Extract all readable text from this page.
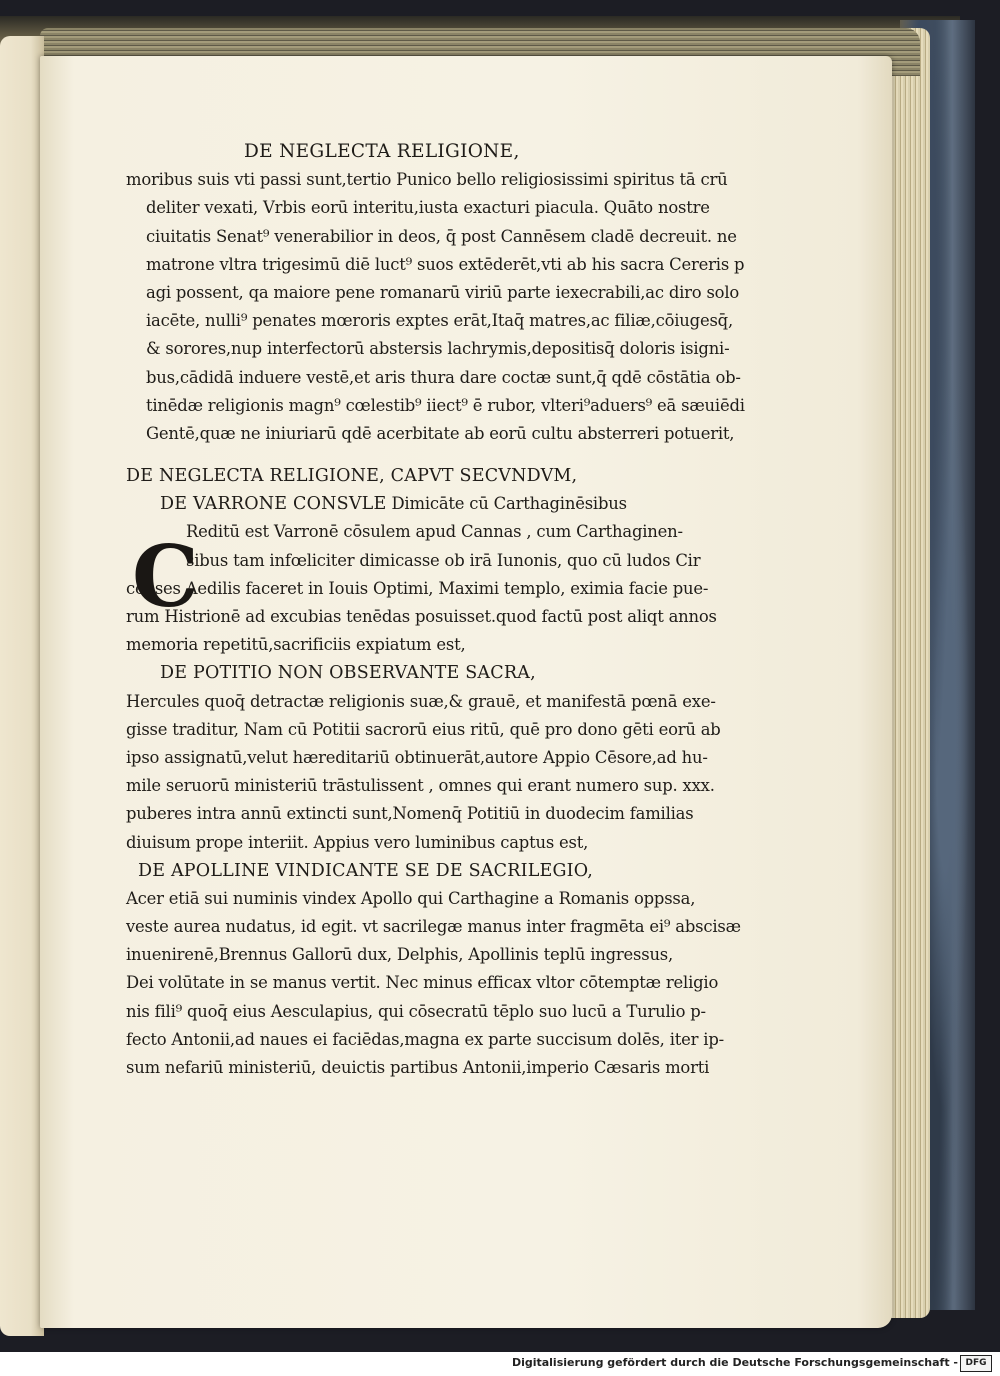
DE NEGLECTA RELIGIONE,
moribus suis vti passi sunt,tertio Punico bello religiosissimi spiritus tā crū
deliter vexati, Vrbis eorū interitu,iusta exacturi piacula. Quāto nostre
ciuitatis Senat⁹ venerabilior in deos, q̄ post Cannēsem cladē decreuit. ne
matrone vltra trigesimū diē luct⁹ suos extēderēt,vti ab his sacra Cereris p
agi possent, qa maiore pene romanarū viriū parte iexecrabili,ac diro solo
iacēte, nulli⁹ penates mœroris exptes erāt,Itaq̄ matres,ac filiæ,cōiugesq̄,
& sorores,nup interfectorū abstersis lachrymis,depositisq̄ doloris isigni-
bus,cādidā induere vestē,et aris thura dare coctæ sunt,q̄ qdē cōstātia ob-
tinēdæ religionis magn⁹ cœlestib⁹ iiect⁹ ē rubor, vlteri⁹aduers⁹ eā sæuiēdi
Gentē,quæ ne iniuriarū qdē acerbitate ab eorū cultu absterreri potuerit,
DE NEGLECTA RELIGIONE, CAPVT SECVNDVM,
DE VARRONE CONSVLE Dimicāte cū Carthaginēsibus
Reditū est Varronē cōsulem apud Cannas , cum Carthaginen-
sibus tam infœliciter dimicasse ob irā Iunonis, quo cū ludos Cir
censes Aedilis faceret in Iouis Optimi, Maximi templo, eximia facie pue-
rum Histrionē ad excubias tenēdas posuisset.quod factū post aliqt annos
memoria repetitū,sacrificiis expiatum est,
DE POTITIO NON OBSERVANTE SACRA,
Hercules quoq̄ detractæ religionis suæ,& grauē, et manifestā pœnā exe-
gisse traditur, Nam cū Potitii sacrorū eius ritū, quē pro dono gēti eorū ab
ipso assignatū,velut hæreditariū obtinuerāt,autore Appio Cēsore,ad hu-
mile seruorū ministeriū trāstulissent , omnes qui erant numero sup. xxx.
puberes intra annū extincti sunt,Nomenq̄ Potitiū in duodecim familias
diuisum prope interiit. Appius vero luminibus captus est,
DE APOLLINE VINDICANTE SE DE SACRILEGIO,
Acer etiā sui numinis vindex Apollo qui Carthagine a Romanis oppssa,
veste aurea nudatus, id egit. vt sacrilegæ manus inter fragmēta ei⁹ abscisæ
inuenirenē,Brennus Gallorū dux, Delphis, Apollinis teplū ingressus,
Dei volūtate in se manus vertit. Nec minus efficax vltor cōtemptæ religio
nis fili⁹ quoq̄ eius Aesculapius, qui cōsecratū tēplo suo lucū a Turulio p-
fecto Antonii,ad naues ei faciēdas,magna ex parte succisum dolēs, iter ip-
sum nefariū ministeriū, deuictis partibus Antonii,imperio Cæsaris morti
C
Digitalisierung gefördert durch die Deutsche Forschungsgemeinschaft - DFG
